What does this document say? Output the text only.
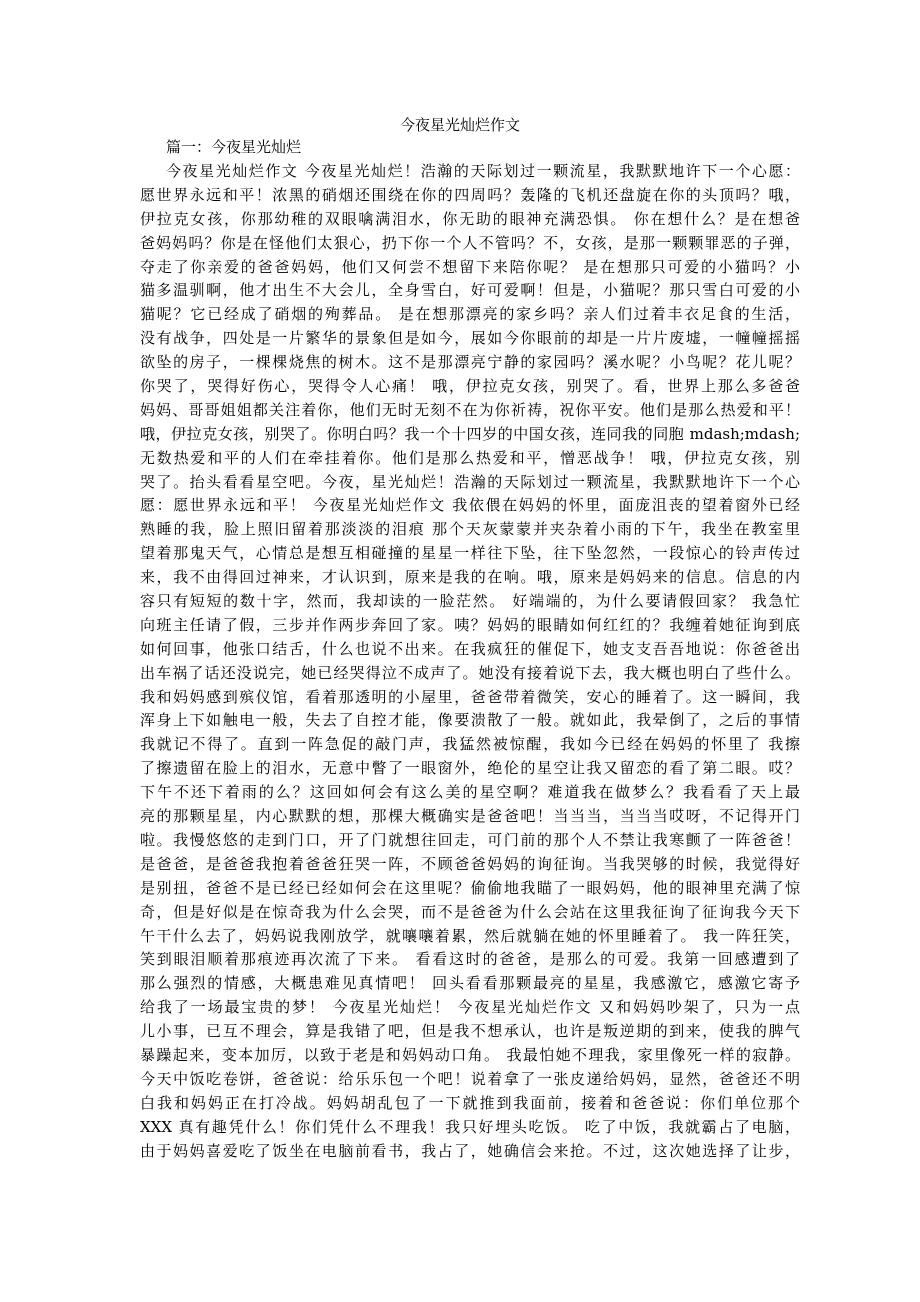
今夜星光灿烂作文
篇一：今夜星光灿烂
今夜星光灿烂作文 今夜星光灿烂！浩瀚的天际划过一颗流星，我默默地许下一个心愿：
愿世界永远和平！浓黑的硝烟还围绕在你的四周吗？轰隆的飞机还盘旋在你的头顶吗？哦，
伊拉克女孩，你那幼稚的双眼噙满泪水，你无助的眼神充满恐惧。 你在想什么？是在想爸
爸妈妈吗？你是在怪他们太狠心，扔下你一个人不管吗？不，女孩，是那一颗颗罪恶的子弹，
夺走了你亲爱的爸爸妈妈，他们又何尝不想留下来陪你呢？ 是在想那只可爱的小猫吗？小
猫多温驯啊，他才出生不大会儿，全身雪白，好可爱啊！但是，小猫呢？那只雪白可爱的小
猫呢？它已经成了硝烟的殉葬品。 是在想那漂亮的家乡吗？亲人们过着丰衣足食的生活，
没有战争，四处是一片繁华的景象但是如今，展如今你眼前的却是一片片废墟，一幢幢摇摇
欲坠的房子，一棵棵烧焦的树木。这不是那漂亮宁静的家园吗？溪水呢？小鸟呢？花儿呢？
你哭了，哭得好伤心，哭得令人心痛！ 哦，伊拉克女孩，别哭了。看，世界上那么多爸爸
妈妈、哥哥姐姐都关注着你，他们无时无刻不在为你祈祷，祝你平安。他们是那么热爱和平！
哦，伊拉克女孩，别哭了。你明白吗？我一个十四岁的中国女孩，连同我的同胞 mdash;mdash;
无数热爱和平的人们在牵挂着你。他们是那么热爱和平，憎恶战争！ 哦，伊拉克女孩，别
哭了。抬头看看星空吧。今夜，星光灿烂！浩瀚的天际划过一颗流星，我默默地许下一个心
愿：愿世界永远和平！ 今夜星光灿烂作文 我依偎在妈妈的怀里，面庞沮丧的望着窗外已经
熟睡的我，脸上照旧留着那淡淡的泪痕 那个天灰蒙蒙并夹杂着小雨的下午，我坐在教室里
望着那鬼天气，心情总是想互相碰撞的星星一样往下坠，往下坠忽然，一段惊心的铃声传过
来，我不由得回过神来，才认识到，原来是我的在响。哦，原来是妈妈来的信息。信息的内
容只有短短的数十字，然而，我却读的一脸茫然。 好端端的，为什么要请假回家？ 我急忙
向班主任请了假，三步并作两步奔回了家。咦？妈妈的眼睛如何红红的？我缠着她征询到底
如何回事，他张口结舌，什么也说不出来。在我疯狂的催促下，她支支吾吾地说：你爸爸出
出车祸了话还没说完，她已经哭得泣不成声了。她没有接着说下去，我大概也明白了些什么。
我和妈妈感到殡仪馆，看着那透明的小屋里，爸爸带着微笑，安心的睡着了。这一瞬间，我
浑身上下如触电一般，失去了自控才能，像要溃散了一般。就如此，我晕倒了，之后的事情
我就记不得了。直到一阵急促的敲门声，我猛然被惊醒，我如今已经在妈妈的怀里了 我擦
了擦遗留在脸上的泪水，无意中瞥了一眼窗外，绝伦的星空让我又留恋的看了第二眼。哎？
下午不还下着雨的么？这回如何会有这么美的星空啊？难道我在做梦么？我看看了天上最
亮的那颗星星，内心默默的想，那棵大概确实是爸爸吧！当当当，当当当哎呀，不记得开门
啦。我慢悠悠的走到门口，开了门就想往回走，可门前的那个人不禁让我寒颤了一阵爸爸！
是爸爸，是爸爸我抱着爸爸狂哭一阵，不顾爸爸妈妈的询征询。当我哭够的时候，我觉得好
是别扭，爸爸不是已经已经如何会在这里呢？偷偷地我瞄了一眼妈妈，他的眼神里充满了惊
奇，但是好似是在惊奇我为什么会哭，而不是爸爸为什么会站在这里我征询了征询我今天下
午干什么去了，妈妈说我刚放学，就嚷嚷着累，然后就躺在她的怀里睡着了。 我一阵狂笑，
笑到眼泪顺着那痕迹再次流了下来。 看看这时的爸爸，是那么的可爱。我第一回感遭到了
那么强烈的情感，大概患难见真情吧！ 回头看看那颗最亮的星星，我感激它，感激它寄予
给我了一场最宝贵的梦！ 今夜星光灿烂！ 今夜星光灿烂作文 又和妈妈吵架了，只为一点
儿小事，已互不理会，算是我错了吧，但是我不想承认，也许是叛逆期的到来，使我的脾气
暴躁起来，变本加厉，以致于老是和妈妈动口角。 我最怕她不理我，家里像死一样的寂静。
今天中饭吃卷饼，爸爸说：给乐乐包一个吧！说着拿了一张皮递给妈妈，显然，爸爸还不明
白我和妈妈正在打冷战。妈妈胡乱包了一下就推到我面前，接着和爸爸说：你们单位那个
XXX 真有趣凭什么！你们凭什么不理我！我只好埋头吃饭。 吃了中饭，我就霸占了电脑，
由于妈妈喜爱吃了饭坐在电脑前看书，我占了，她确信会来抢。不过，这次她选择了让步，
